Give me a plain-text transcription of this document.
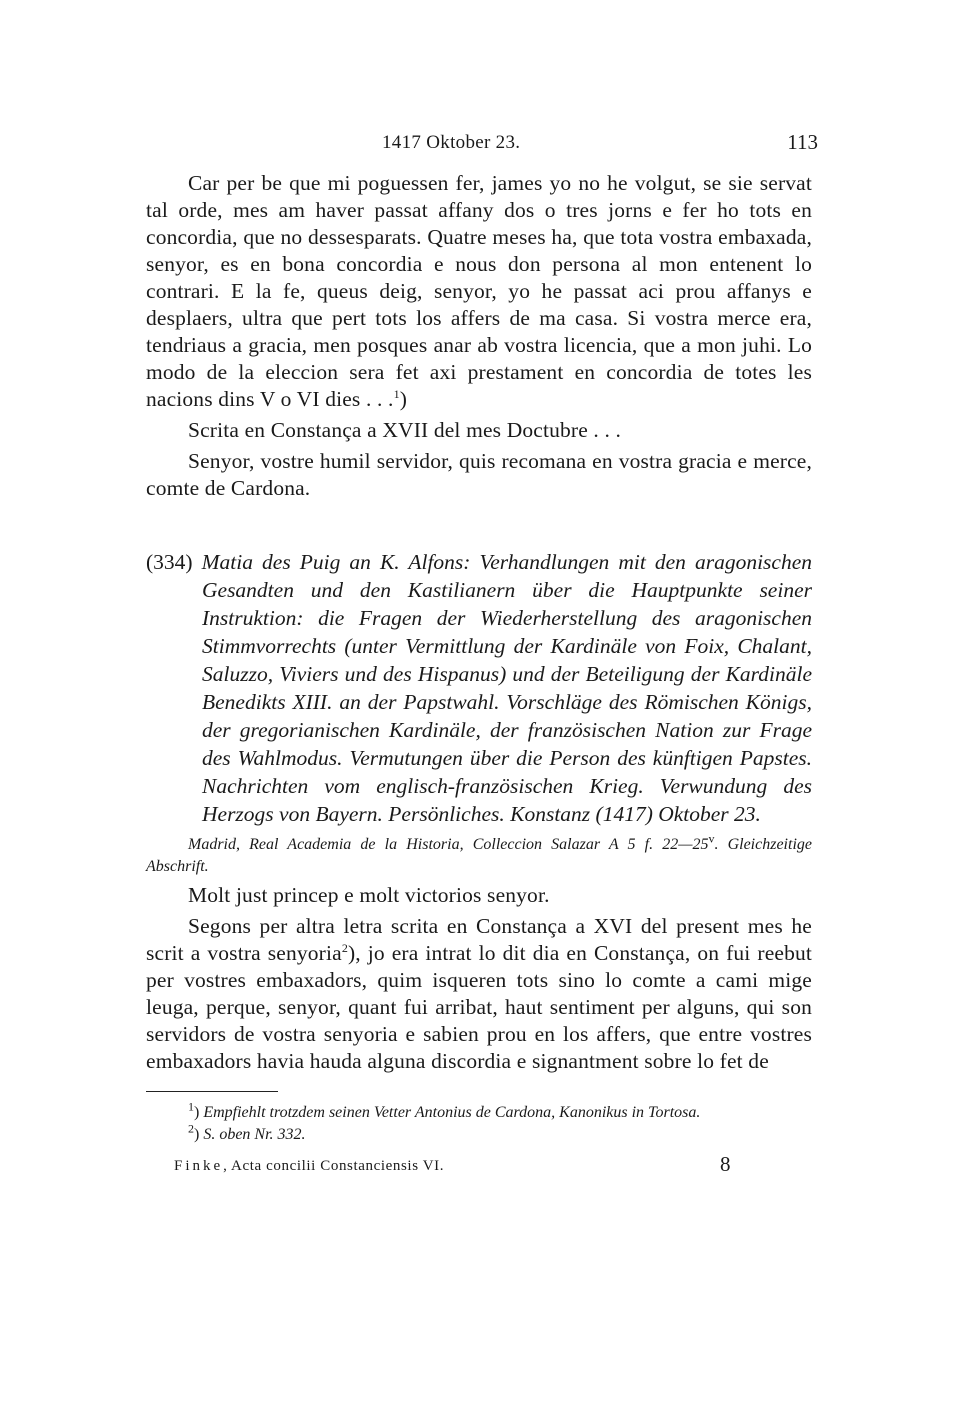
1417 Oktober 23.	113

Car per be que mi poguessen fer, james yo no he volgut, se sie servat tal orde, mes am haver passat affany dos o tres jorns e fer ho tots en concordia, que no dessesparats. Quatre meses ha, que tota vostra embaxada, senyor, es en bona concordia e nous don persona al mon entenent lo contrari. E la fe, queus deig, senyor, yo he passat aci prou affanys e desplaers, ultra que pert tots los affers de ma casa. Si vostra merce era, tendriaus a gracia, men posques anar ab vostra licencia, que a mon juhi. Lo modo de la eleccion sera fet axi prestament en concordia de totes les nacions dins V o VI dies . . .$^1$)

Scrita en Constança a XVII del mes Doctubre . . .

Senyor, vostre humil servidor, quis recomana en vostra gracia e merce, comte de Cardona.

(334) Matia des Puig an K. Alfons: Verhandlungen mit den aragonischen Gesandten und den Kastilianern über die Hauptpunkte seiner Instruktion: die Fragen der Wiederherstellung des aragonischen Stimmvorrechts (unter Vermittlung der Kardinäle von Foix, Chalant, Saluzzo, Viviers und des Hispanus) und der Beteiligung der Kardinäle Benedikts XIII. an der Papstwahl. Vorschläge des Römischen Königs, der gregorianischen Kardinäle, der französischen Nation zur Frage des Wahlmodus. Vermutungen über die Person des künftigen Papstes. Nachrichten vom englisch-französischen Krieg. Verwundung des Herzogs von Bayern. Persönliches. Konstanz (1417) Oktober 23.

Madrid, Real Academia de la Historia, Colleccion Salazar A 5 f. 22—25$^v$. Gleichzeitige Abschrift.

Molt just princep e molt victorios senyor.

Segons per altra letra scrita en Constança a XVI del present mes he scrit a vostra senyoria$^2$), jo era intrat lo dit dia en Constança, on fui reebut per vostres embaxadors, quim isqueren tots sino lo comte a cami mige leuga, perque, senyor, quant fui arribat, haut sentiment per alguns, qui son servidors de vostra senyoria e sabien prou en los affers, que entre vostres embaxadors havia hauda alguna discordia e signantment sobre lo fet de

$^1$) Empfiehlt trotzdem seinen Vetter Antonius de Cardona, Kanonikus in Tortosa.

$^2$) S. oben Nr. 332.

Finke, Acta concilii Constanciensis VI.	8
